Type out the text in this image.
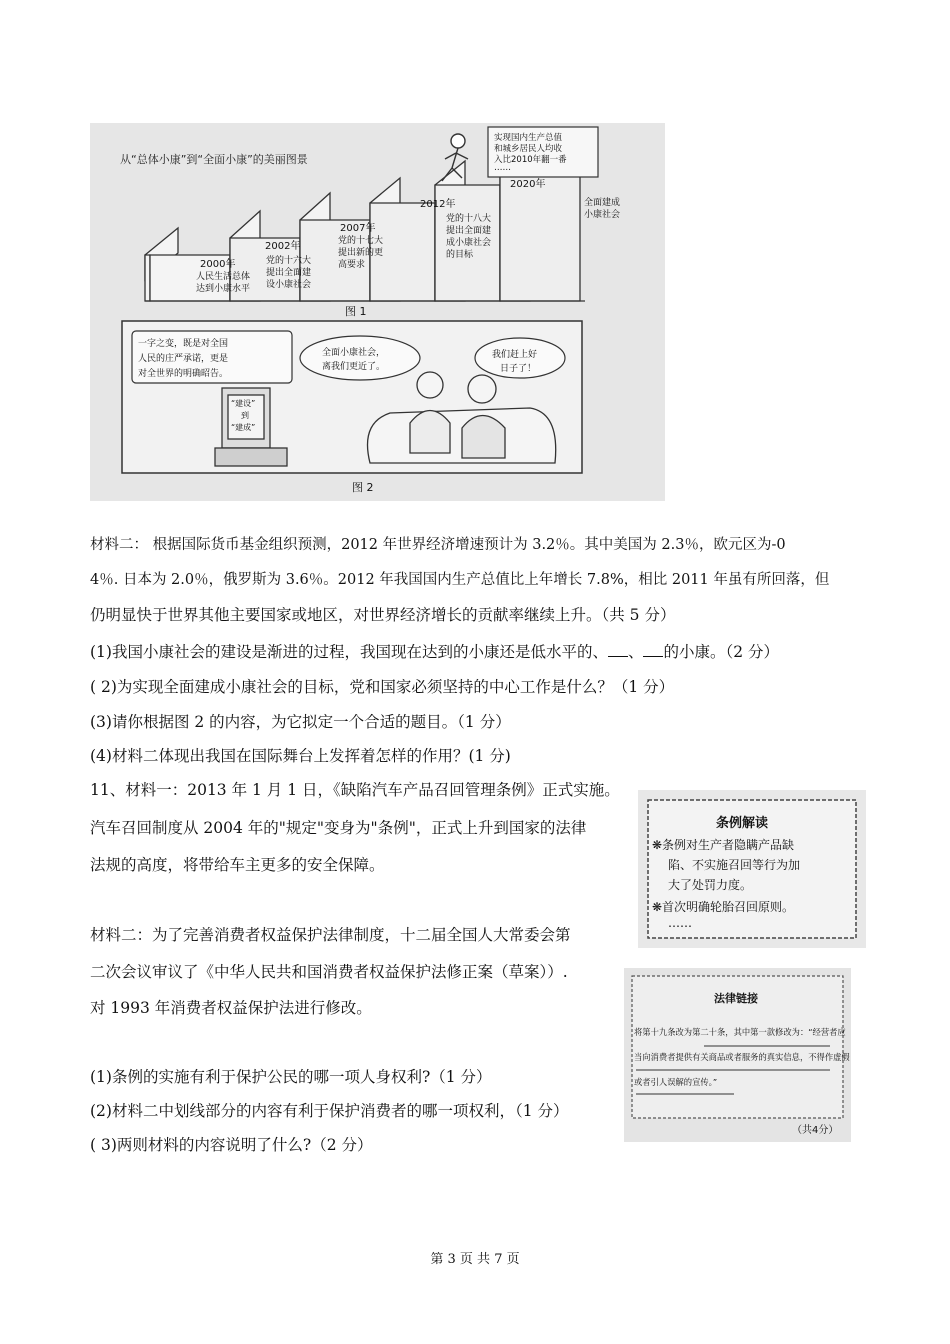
从“总体小康”到“全面小康”的美丽图景
2000年
人民生活总体
达到小康水平
2002年
党的十六大
提出全面建
设小康社会
2007年
党的十七大
提出新的更
高要求
2012年
党的十八大
提出全面建
成小康社会
的目标
2020年
全面建成
小康社会
实现国内生产总值
和城乡居民人均收
入比2010年翻一番
……
图 1
一字之变，既是对全国
人民的庄严承诺，更是
对全世界的明确昭告。
“建设”
到
“建成”
全面小康社会，
离我们更近了。
我们赶上好
日子了！
图 2
材料二： 根据国际货币基金组织预测，2012 年世界经济增速预计为 3.2％。其中美国为 2.3％，欧元区为-0
4％. 日本为 2.0％，俄罗斯为 3.6％。2012 年我国国内生产总值比上年增长 7.8%，相比 2011 年虽有所回落，但
仍明显快于世界其他主要国家或地区，对世界经济增长的贡献率继续上升。（共 5 分）
(1)我国小康社会的建设是渐进的过程，我国现在达到的小康还是低水平的、 、 的小康。（2 分）
( 2)为实现全面建成小康社会的目标，党和国家必须坚持的中心工作是什么？（1 分）
(3)请你根据图 2 的内容，为它拟定一个合适的题目。（1 分）
(4)材料二体现出我国在国际舞台上发挥着怎样的作用？(1 分)
11、材料一：2013 年 1 月 1 日，《缺陷汽车产品召回管理条例》正式实施。
汽车召回制度从 2004 年的"规定"变身为"条例"，正式上升到国家的法律
法规的高度，将带给车主更多的安全保障。
材料二：为了完善消费者权益保护法律制度，十二届全国人大常委会第
二次会议审议了《中华人民共和国消费者权益保护法修正案（草案））.
对 1993 年消费者权益保护法进行修改。
(1)条例的实施有利于保护公民的哪一项人身权利?（1 分）
(2)材料二中划线部分的内容有利于保护消费者的哪一项权利，（1 分）
( 3)两则材料的内容说明了什么?（2 分）
条例解读
❋条例对生产者隐瞒产品缺
陷、不实施召回等行为加
大了处罚力度。
❋首次明确轮胎召回原则。
……
法律链接
将第十九条改为第二十条，其中第一款修改为：“经营者应
当向消费者提供有关商品或者服务的真实信息，不得作虚假
或者引人误解的宣传。”
（共4分）
第 3 页 共 7 页
